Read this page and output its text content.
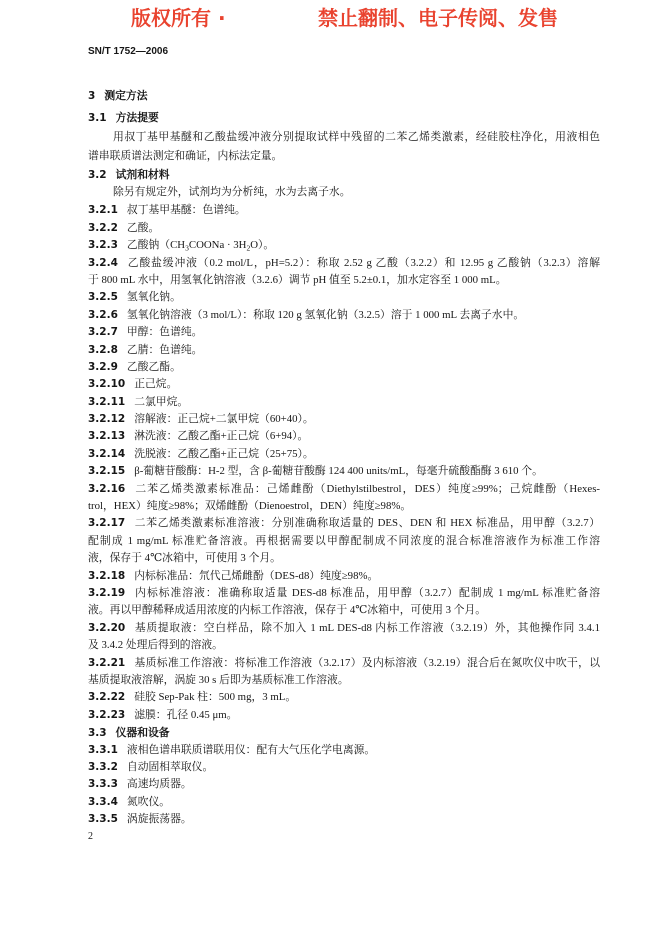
版权所有 ·	禁止翻制、电子传阅、发售
SN/T 1752—2006
3 测定方法
3.1 方法提要
用叔丁基甲基醚和乙酸盐缓冲液分别提取试样中残留的二苯乙烯类激素，经硅胶柱净化，用液相色
谱串联质谱法测定和确证，内标法定量。
3.2 试剂和材料
除另有规定外，试剂均为分析纯，水为去离子水。
3.2.1 叔丁基甲基醚：色谱纯。
3.2.2 乙酸。
3.2.3 乙酸钠$(CH_3COONa \cdot 3H_2O)$。
3.2.4 乙酸盐缓冲液（0.2 mol/L，pH=5.2）：称取 2.52 g 乙酸（3.2.2）和 12.95 g 乙酸钠（3.2.3）溶解
于 800 mL 水中，用氢氧化钠溶液（3.2.6）调节 pH 值至 5.2±0.1，加水定容至 1 000 mL。
3.2.5 氢氧化钠。
3.2.6 氢氧化钠溶液（3 mol/L）：称取 120 g 氢氧化钠（3.2.5）溶于 1 000 mL 去离子水中。
3.2.7 甲醇：色谱纯。
3.2.8 乙腈：色谱纯。
3.2.9 乙酸乙酯。
3.2.10 正己烷。
3.2.11 二氯甲烷。
3.2.12 溶解液：正己烷+二氯甲烷（60+40）。
3.2.13 淋洗液：乙酸乙酯+正己烷（6+94）。
3.2.14 洗脱液：乙酸乙酯+正己烷（25+75）。
3.2.15 β-葡糖苷酸酶：H-2 型，含 β-葡糖苷酸酶 124 400 units/mL，每毫升硫酸酯酶 3 610 个。
3.2.16 二苯乙烯类激素标准品：己烯雌酚（Diethylstilbestrol，DES）纯度≥99%；己烷雌酚（Hexes-
trol，HEX）纯度≥98%；双烯雌酚（Dienoestrol，DEN）纯度≥98%。
3.2.17 二苯乙烯类激素标准溶液：分别准确称取适量的 DES、DEN 和 HEX 标准品，用甲醇（3.2.7）
配制成 1 mg/mL 标准贮备溶液。再根据需要以甲醇配制成不同浓度的混合标准溶液作为标准工作溶
液，保存于 4℃冰箱中，可使用 3 个月。
3.2.18 内标标准品：氘代己烯雌酚（DES-d8）纯度≥98%。
3.2.19 内标标准溶液：准确称取适量 DES-d8 标准品，用甲醇（3.2.7）配制成 1 mg/mL 标准贮备溶
液。再以甲醇稀释成适用浓度的内标工作溶液，保存于 4℃冰箱中，可使用 3 个月。
3.2.20 基质提取液：空白样品，除不加入 1 mL DES-d8 内标工作溶液（3.2.19）外，其他操作同 3.4.1
及 3.4.2 处理后得到的溶液。
3.2.21 基质标准工作溶液：将标准工作溶液（3.2.17）及内标溶液（3.2.19）混合后在氮吹仪中吹干，以
基质提取液溶解，涡旋 30 s 后即为基质标准工作溶液。
3.2.22 硅胶 Sep-Pak 柱：500 mg，3 mL。
3.2.23 滤膜：孔径 0.45 μm。
3.3 仪器和设备
3.3.1 液相色谱串联质谱联用仪：配有大气压化学电离源。
3.3.2 自动固相萃取仪。
3.3.3 高速均质器。
3.3.4 氮吹仪。
3.3.5 涡旋振荡器。
2
